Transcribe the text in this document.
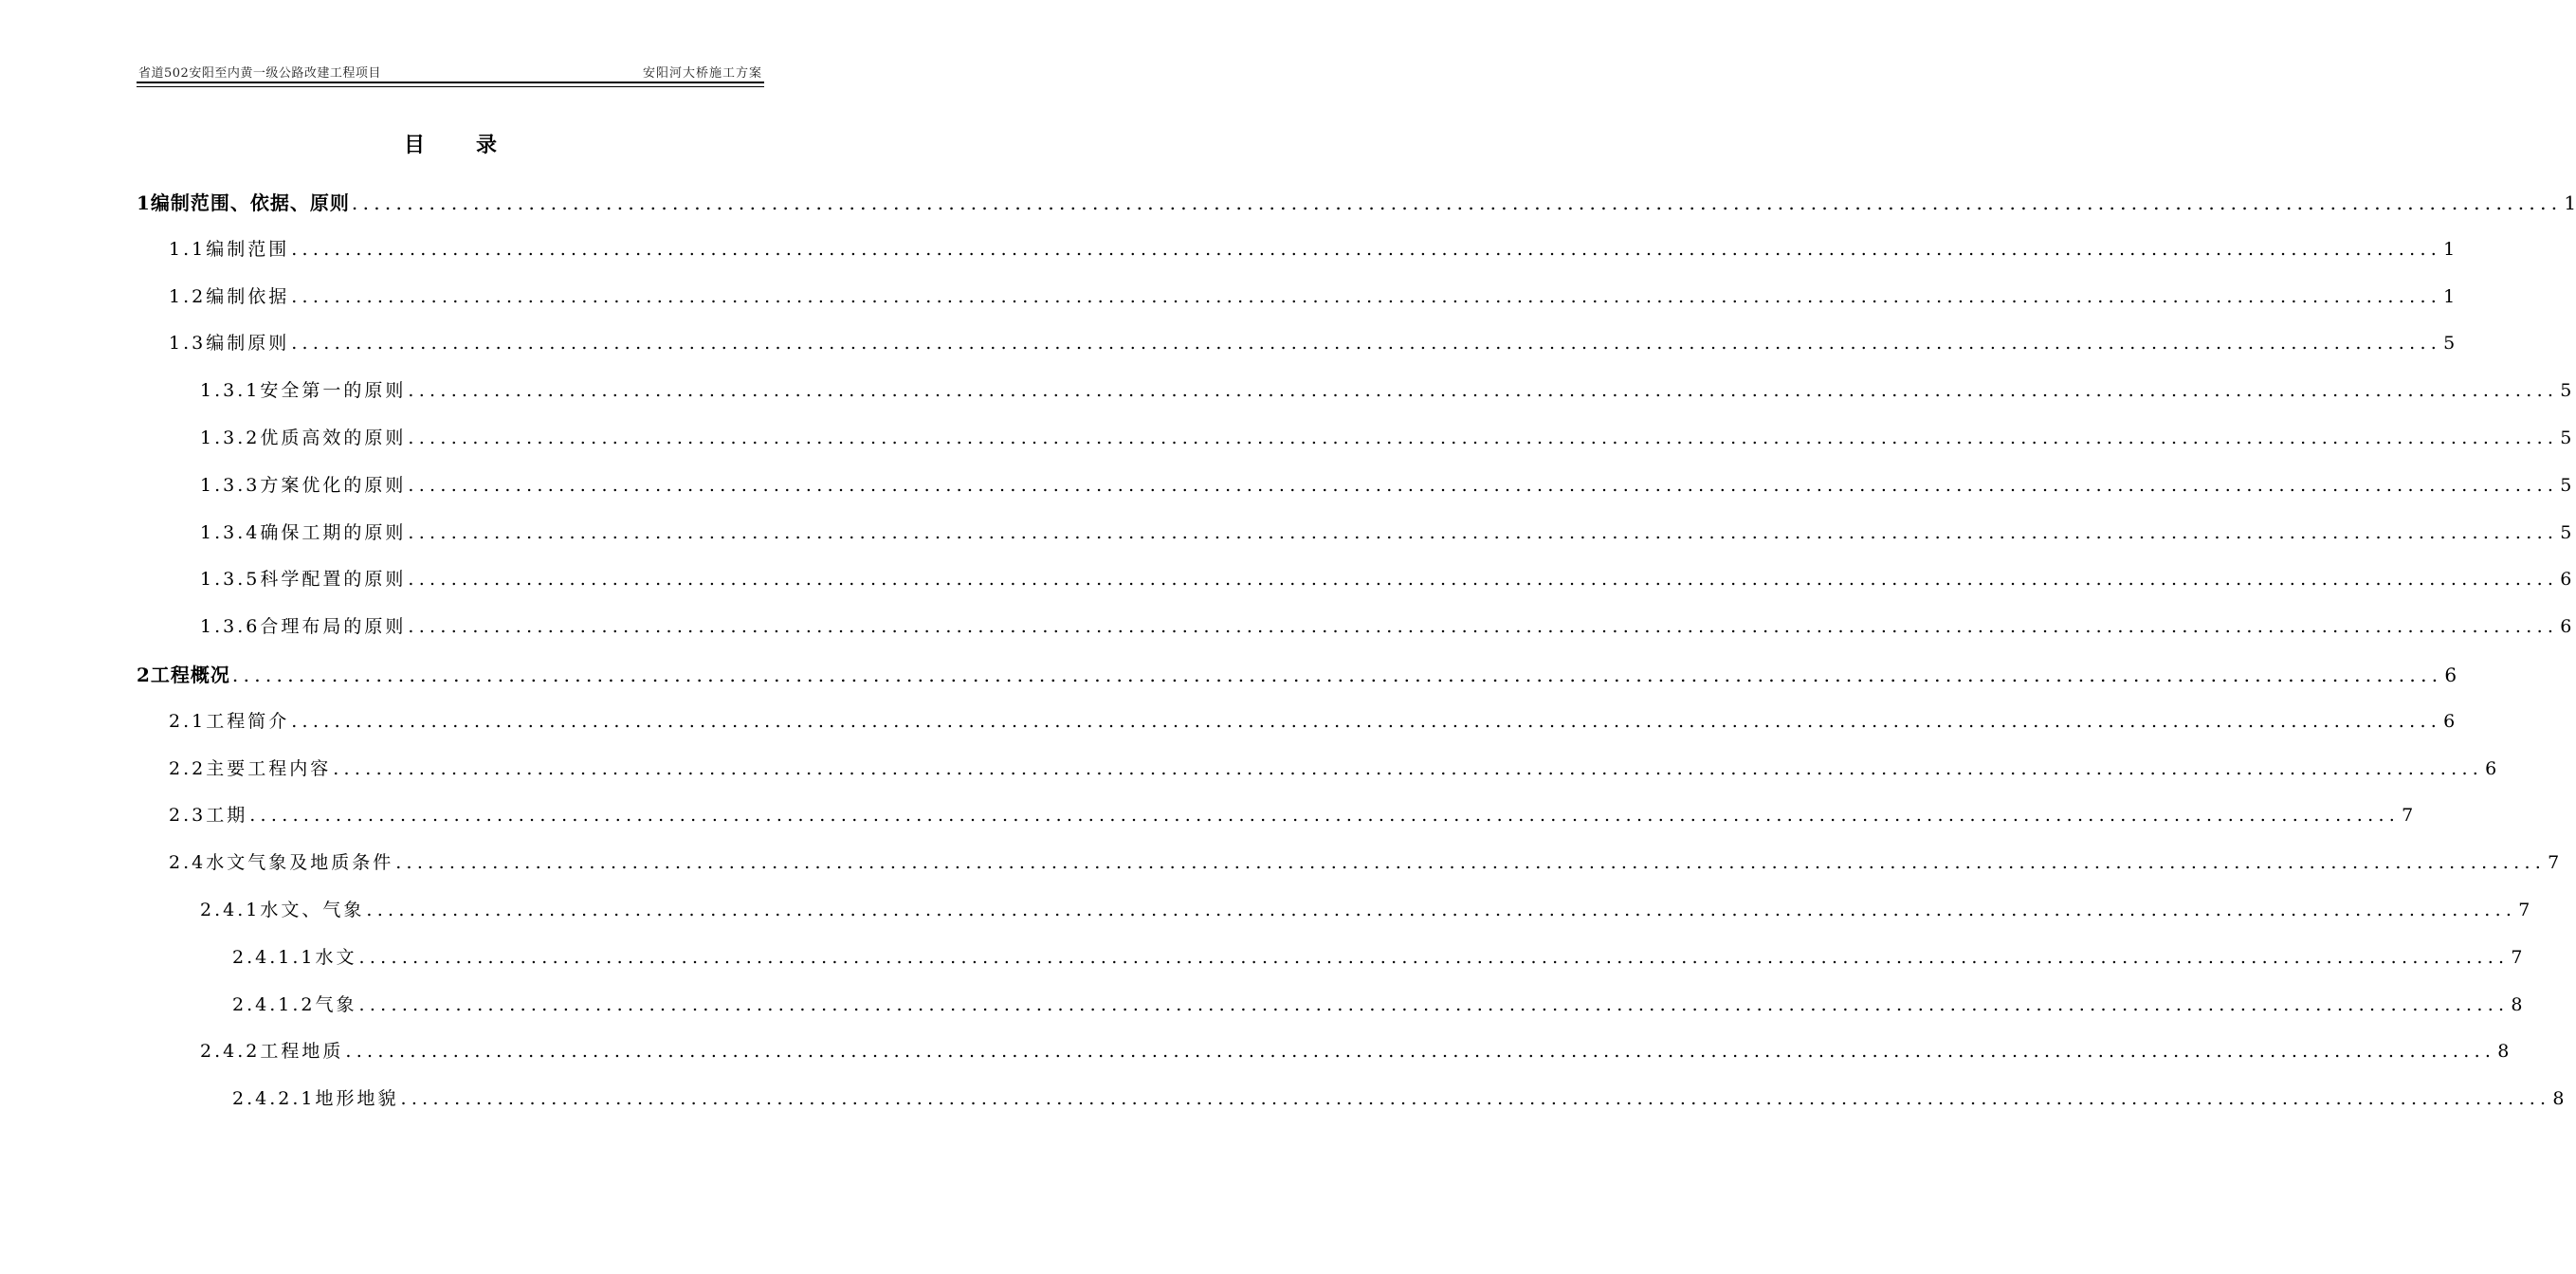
省道502安阳至内黄一级公路改建工程项目	安阳河大桥施工方案
目录
1编制范围、依据、原则 ........................................................................................................................................................................................................ 1
1.1编制范围 ........................................................................................................................................................................................................ 1
1.2编制依据 ........................................................................................................................................................................................................ 1
1.3编制原则 ........................................................................................................................................................................................................ 5
1.3.1安全第一的原则 ........................................................................................................................................................................................................ 5
1.3.2优质高效的原则 ........................................................................................................................................................................................................ 5
1.3.3方案优化的原则 ........................................................................................................................................................................................................ 5
1.3.4确保工期的原则 ........................................................................................................................................................................................................ 5
1.3.5科学配置的原则 ........................................................................................................................................................................................................ 6
1.3.6合理布局的原则 ........................................................................................................................................................................................................ 6
2工程概况 ........................................................................................................................................................................................................ 6
2.1工程简介 ........................................................................................................................................................................................................ 6
2.2主要工程内容 ........................................................................................................................................................................................................ 6
2.3工期 ........................................................................................................................................................................................................ 7
2.4水文气象及地质条件 ........................................................................................................................................................................................................ 7
2.4.1水文、气象 ........................................................................................................................................................................................................ 7
2.4.1.1水文 ........................................................................................................................................................................................................ 7
2.4.1.2气象 ........................................................................................................................................................................................................ 8
2.4.2工程地质 ........................................................................................................................................................................................................ 8
2.4.2.1地形地貌 ........................................................................................................................................................................................................ 8
